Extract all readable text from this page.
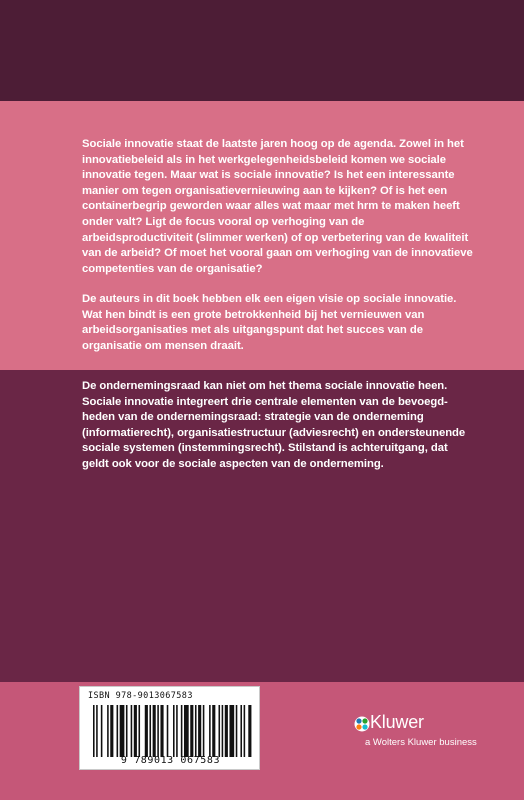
Sociale innovatie staat de laatste jaren hoog op de agenda. Zowel in het innovatiebeleid als in het werkgelegenheidsbeleid komen we sociale innovatie tegen. Maar wat is sociale innovatie? Is het een interessante manier om tegen organisatievernieuwing aan te kijken? Of is het een containerbegrip geworden waar alles wat maar met hrm te maken heeft onder valt? Ligt de focus vooral op verhoging van de arbeidsproductiviteit (slimmer werken) of op verbetering van de kwaliteit van de arbeid? Of moet het vooral gaan om verhoging van de innovatieve competenties van de organisatie?

De auteurs in dit boek hebben elk een eigen visie op sociale innovatie. Wat hen bindt is een grote betrokkenheid bij het vernieuwen van arbeidsorganisaties met als uitgangspunt dat het succes van de organisatie om mensen draait.

De ondernemingsraad kan niet om het thema sociale innovatie heen. Sociale innovatie integreert drie centrale elementen van de bevoegdheden van de ondernemingsraad: strategie van de onderneming (informatierecht), organisatiestructuur (adviesrecht) en ondersteunende sociale systemen (instemmingsrecht). Stilstand is achteruitgang, dat geldt ook voor de sociale aspecten van de onderneming.

ISBN 978-9013067583
9 789013 067583
Kluwer
a Wolters Kluwer business
